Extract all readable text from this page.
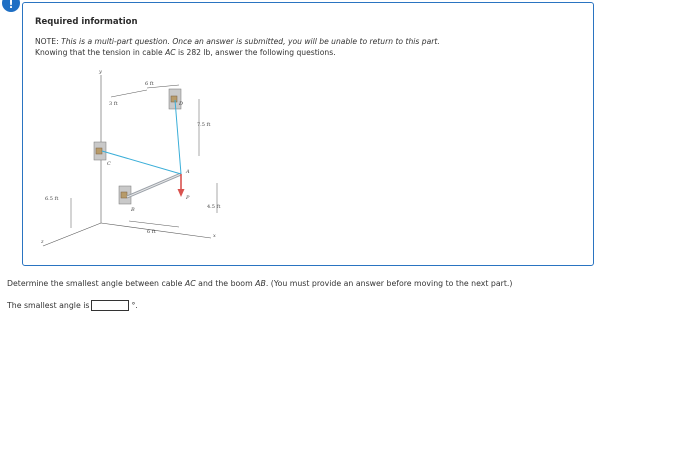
!
Required information
NOTE: This is a multi-part question. Once an answer is submitted, you will be unable to return to this part.
Knowing that the tension in cable AC is 282 lb, answer the following questions.
y
6 ft
3 ft	D
7.5 ft
C
A
P
6.5 ft
B	4.5 ft
6 ft
x
z
Determine the smallest angle between cable AC and the boom AB. (You must provide an answer before moving to the next part.)
The smallest angle is	°.
